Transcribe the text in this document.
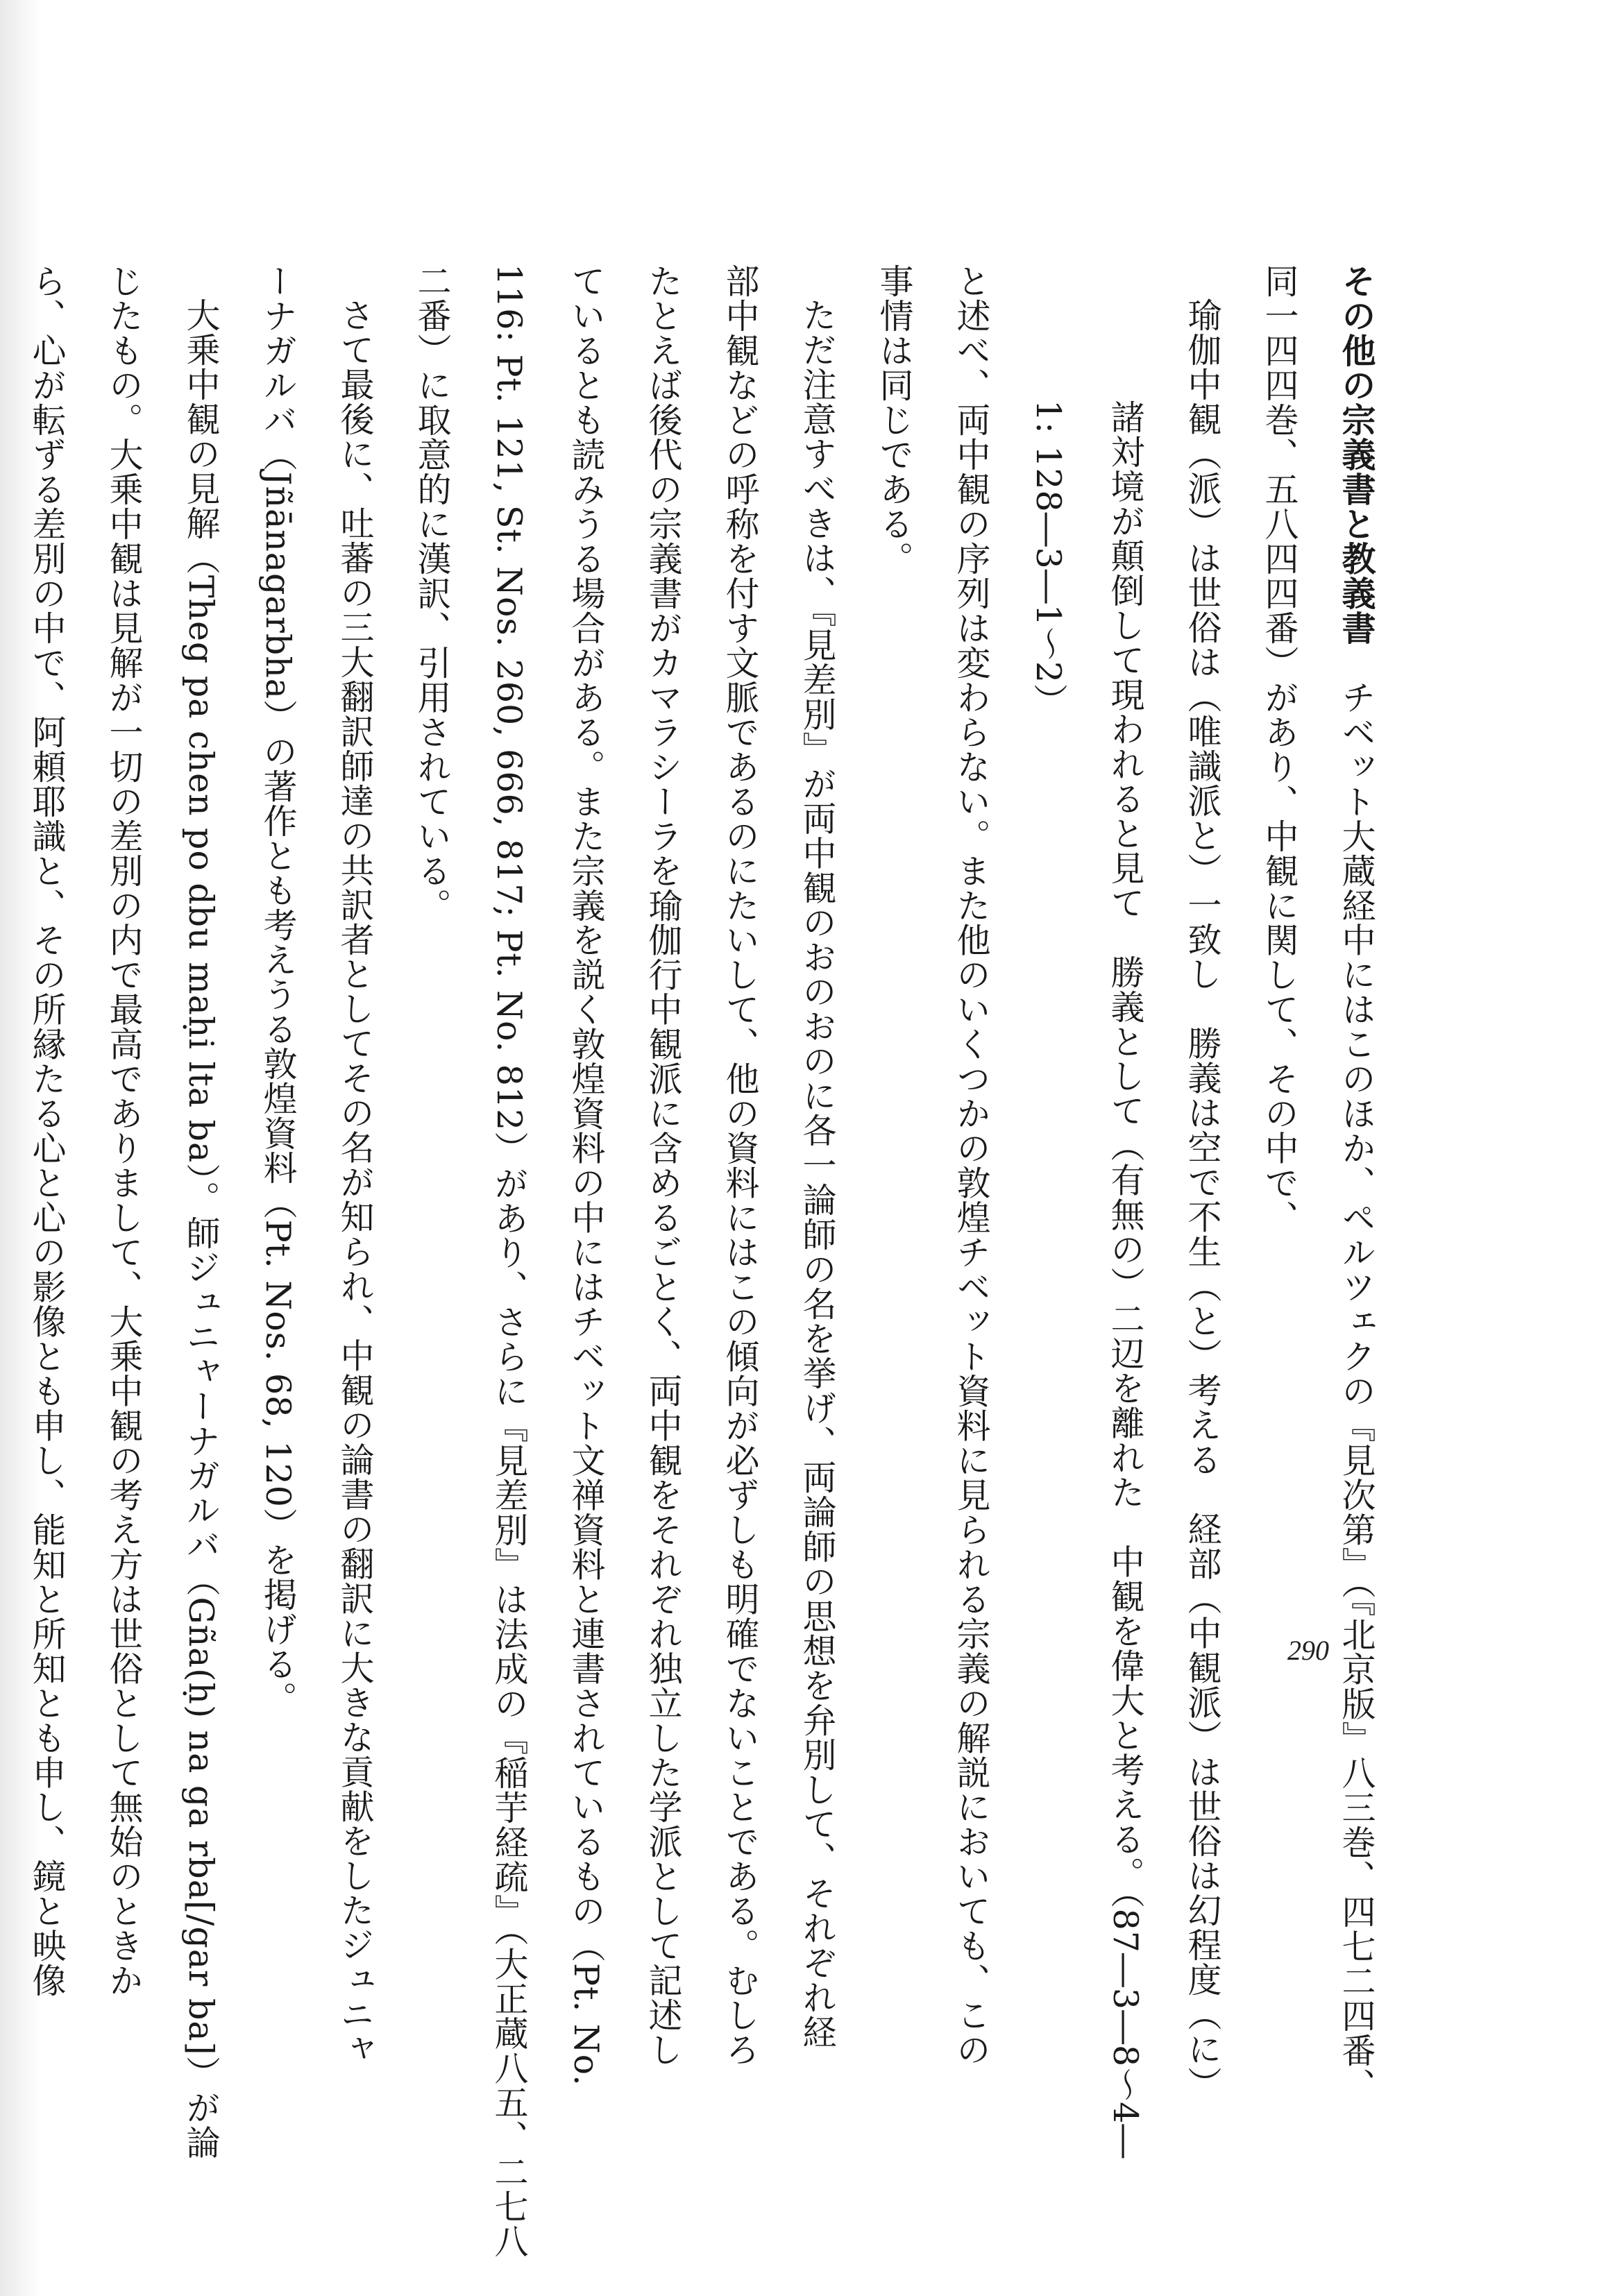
その他の宗義書と教義書　チベット大蔵経中にはこのほか、ペルツェクの『見次第』（『北京版』八三巻、四七二四番、

同一四四巻、五八四四番）があり、中観に関して、その中で、

瑜伽中観（派）は世俗は（唯識派と）一致し　勝義は空で不生（と）考える　経部（中観派）は世俗は幻程度（に）

諸対境が顛倒して現われると見て　勝義として（有無の）二辺を離れた　中観を偉大と考える。（87―3―8～4―

1: 128―3―1～2）

と述べ、両中観の序列は変わらない。また他のいくつかの敦煌チベット資料に見られる宗義の解説においても、この

事情は同じである。

ただ注意すべきは、『見差別』が両中観のおのおのに各一論師の名を挙げ、両論師の思想を弁別して、それぞれ経

部中観などの呼称を付す文脈であるのにたいして、他の資料にはこの傾向が必ずしも明確でないことである。むしろ

たとえば後代の宗義書がカマラシーラを瑜伽行中観派に含めるごとく、両中観をそれぞれ独立した学派として記述し

ているとも読みうる場合がある。また宗義を説く敦煌資料の中にはチベット文禅資料と連書されているもの（Pt. No.

116: Pt. 121, St. Nos. 260, 666, 817; Pt. No. 812）があり、さらに『見差別』は法成の『稲芋経疏』（大正蔵八五、二七八

二番）に取意的に漢訳、引用されている。

さて最後に、吐蕃の三大翻訳師達の共訳者としてその名が知られ、中観の論書の翻訳に大きな貢献をしたジュニャ

ーナガルバ（Jñānagarbha）の著作とも考えうる敦煌資料（Pt. Nos. 68, 120）を掲げる。

大乗中観の見解（Theg pa chen po dbu maḥi lta ba）。師ジュニャーナガルバ（Gña(ḥ) na ga rba[/gar ba]）が論

じたもの。大乗中観は見解が一切の差別の内で最高でありまして、大乗中観の考え方は世俗として無始のときか

ら、心が転ずる差別の中で、阿頼耶識と、その所縁たる心と心の影像とも申し、能知と所知とも申し、鏡と映像	290
